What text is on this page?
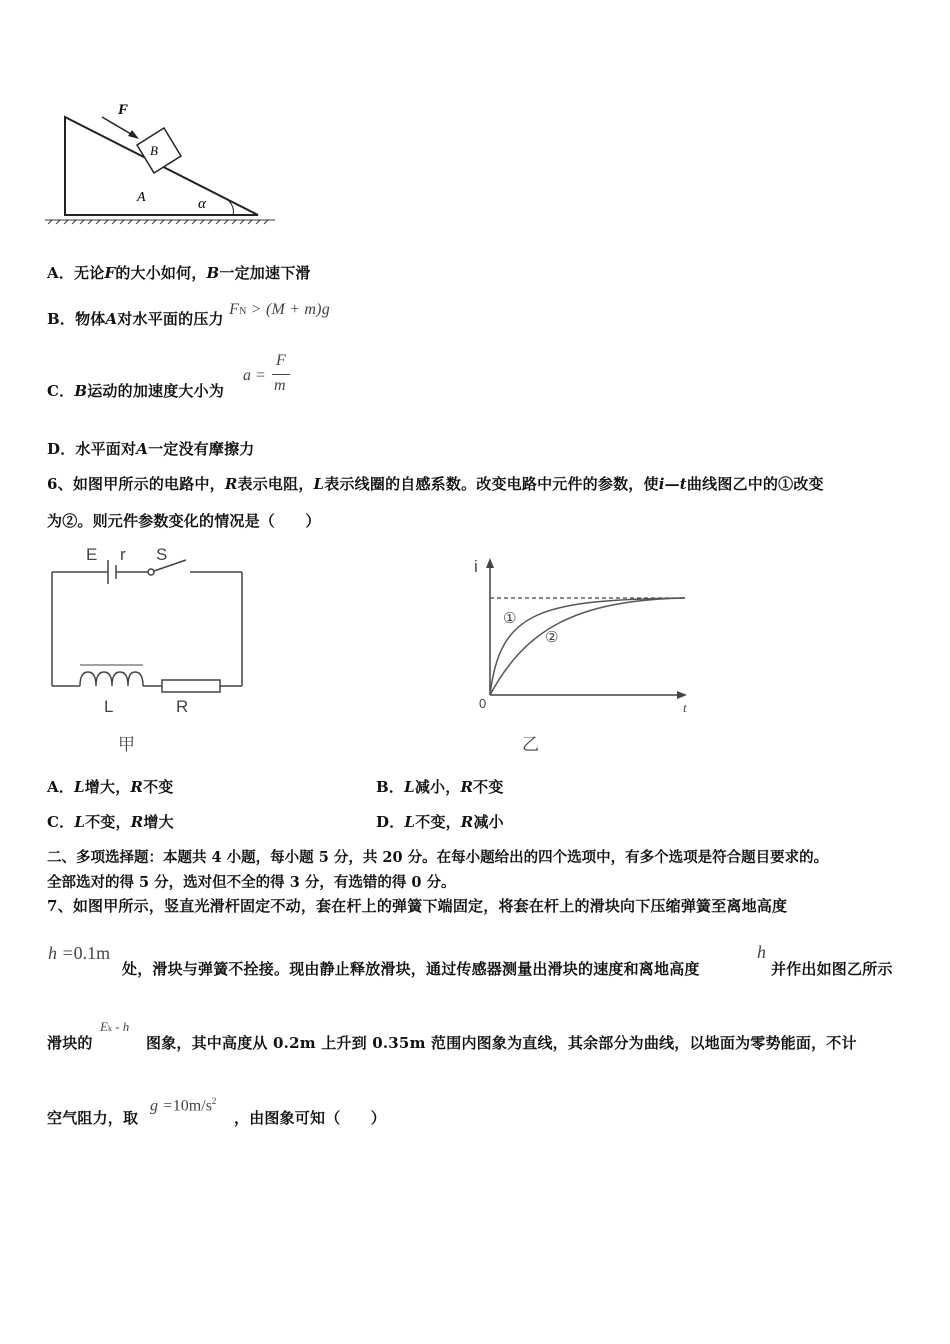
F
B
A	α
A．无论F的大小如何，B一定加速下滑
B．物体A对水平面的压力 FN > (M + m)g
C．B运动的加速度大小为
a =
F
m
D．水平面对A一定没有摩擦力
6、如图甲所示的电路中，R表示电阻，L表示线圈的自感系数。改变电路中元件的参数，使i—t曲线图乙中的①改变
为②。则元件参数变化的情况是（　　）
E r S
L	R
甲
i
t
0
①
②
乙
A．L增大，R不变	B．L减小，R不变
C．L不变，R增大	D．L不变，R减小
二、多项选择题：本题共 4 小题，每小题 5 分，共 20 分。在每小题给出的四个选项中，有多个选项是符合题目要求的。
全部选对的得 5 分，选对但不全的得 3 分，有选错的得 0 分。
7、如图甲所示，竖直光滑杆固定不动，套在杆上的弹簧下端固定，将套在杆上的滑块向下压缩弹簧至离地高度
h =0.1m
处，滑块与弹簧不拴接。现由静止释放滑块，通过传感器测量出滑块的速度和离地高度
h
并作出如图乙所示
滑块的
Ek - h
图象，其中高度从 0.2m 上升到 0.35m 范围内图象为直线，其余部分为曲线，以地面为零势能面，不计
空气阻力，取
$g =10m/s^2$
，由图象可知（　　）
